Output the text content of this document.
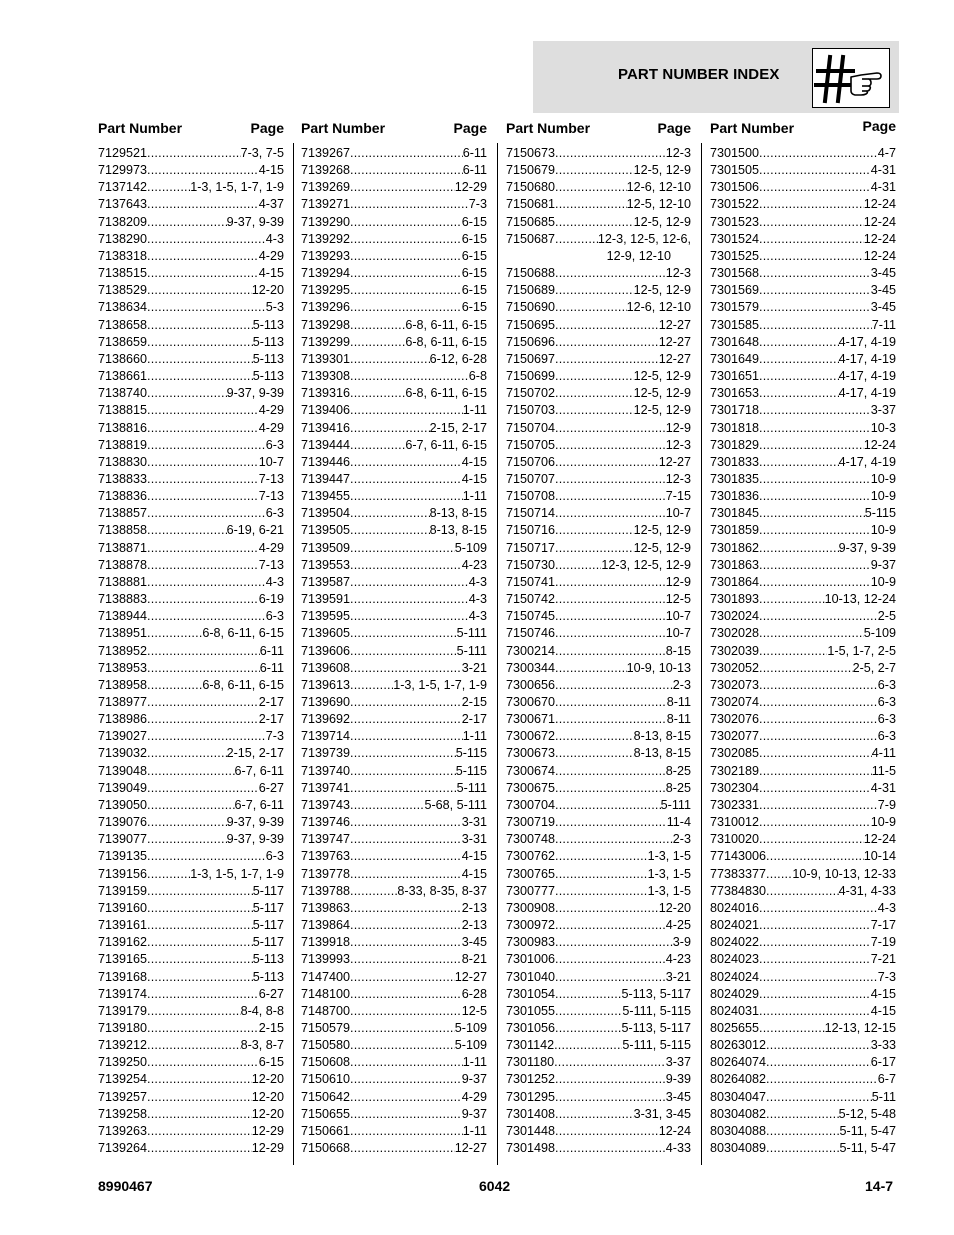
PART NUMBER INDEX
Part Number	Page
7129521 .....	7-3, 7-5
7129973 .....	4-15
7137142 .....	1-3, 1-5, 1-7, 1-9
7137643 .....	4-37
7138209 .....	9-37, 9-39
7138290 .....	4-3
7138318 .....	4-29
7138515 .....	4-15
7138529 .....	12-20
7138634 .....	5-3
7138658 .....	5-113
7138659 .....	5-113
7138660 .....	5-113
7138661 .....	5-113
7138740 .....	9-37, 9-39
7138815 .....	4-29
7138816 .....	4-29
7138819 .....	6-3
7138830 .....	10-7
7138833 .....	7-13
7138836 .....	7-13
7138857 .....	6-3
7138858 .....	6-19, 6-21
7138871 .....	4-29
7138878 .....	7-13
7138881 .....	4-3
7138883 .....	6-19
7138944 .....	6-3
7138951 .....	6-8, 6-11, 6-15
7138952 .....	6-11
7138953 .....	6-11
7138958 .....	6-8, 6-11, 6-15
7138977 .....	2-17
7138986 .....	2-17
7139027 .....	7-3
7139032 .....	2-15, 2-17
7139048 .....	6-7, 6-11
7139049 .....	6-27
7139050 .....	6-7, 6-11
7139076 .....	9-37, 9-39
7139077 .....	9-37, 9-39
7139135 .....	6-3
7139156 .....	1-3, 1-5, 1-7, 1-9
7139159 .....	5-117
7139160 .....	5-117
7139161 .....	5-117
7139162 .....	5-117
7139165 .....	5-113
7139168 .....	5-113
7139174 .....	6-27
7139179 .....	8-4, 8-8
7139180 .....	2-15
7139212 .....	8-3, 8-7
7139250 .....	6-15
7139254 .....	12-20
7139257 .....	12-20
7139258 .....	12-20
7139263 .....	12-29
7139264 .....	12-29
Part Number	Page
7139267 .....	6-11
7139268 .....	6-11
7139269 .....	12-29
7139271 .....	7-3
7139290 .....	6-15
7139292 .....	6-15
7139293 .....	6-15
7139294 .....	6-15
7139295 .....	6-15
7139296 .....	6-15
7139298 .....	6-8, 6-11, 6-15
7139299 .....	6-8, 6-11, 6-15
7139301 .....	6-12, 6-28
7139308 .....	6-8
7139316 .....	6-8, 6-11, 6-15
7139406 .....	1-11
7139416 .....	2-15, 2-17
7139444 .....	6-7, 6-11, 6-15
7139446 .....	4-15
7139447 .....	4-15
7139455 .....	1-11
7139504 .....	8-13, 8-15
7139505 .....	8-13, 8-15
7139509 .....	5-109
7139553 .....	4-23
7139587 .....	4-3
7139591 .....	4-3
7139595 .....	4-3
7139605 .....	5-111
7139606 .....	5-111
7139608 .....	3-21
7139613 .....	1-3, 1-5, 1-7, 1-9
7139690 .....	2-15
7139692 .....	2-17
7139714 .....	1-11
7139739 .....	5-115
7139740 .....	5-115
7139741 .....	5-111
7139743 .....	5-68, 5-111
7139746 .....	3-31
7139747 .....	3-31
7139763 .....	4-15
7139778 .....	4-15
7139788 .....	8-33, 8-35, 8-37
7139863 .....	2-13
7139864 .....	2-13
7139918 .....	3-45
7139993 .....	8-21
7147400 .....	12-27
7148100 .....	6-28
7148700 .....	12-5
7150579 .....	5-109
7150580 .....	5-109
7150608 .....	1-11
7150610 .....	9-37
7150642 .....	4-29
7150655 .....	9-37
7150661 .....	1-11
7150668 .....	12-27
Part Number	Page
7150673 .....	12-3
7150679 .....	12-5, 12-9
7150680 .....	12-6, 12-10
7150681 .....	12-5, 12-10
7150685 .....	12-5, 12-9
7150687 .....	12-3, 12-5, 12-6,
12-9, 12-10
7150688 .....	12-3
7150689 .....	12-5, 12-9
7150690 .....	12-6, 12-10
7150695 .....	12-27
7150696 .....	12-27
7150697 .....	12-27
7150699 .....	12-5, 12-9
7150702 .....	12-5, 12-9
7150703 .....	12-5, 12-9
7150704 .....	12-9
7150705 .....	12-3
7150706 .....	12-27
7150707 .....	12-3
7150708 .....	7-15
7150714 .....	10-7
7150716 .....	12-5, 12-9
7150717 .....	12-5, 12-9
7150730 .....	12-3, 12-5, 12-9
7150741 .....	12-9
7150742 .....	12-5
7150745 .....	10-7
7150746 .....	10-7
7300214 .....	8-15
7300344 .....	10-9, 10-13
7300656 .....	2-3
7300670 .....	8-11
7300671 .....	8-11
7300672 .....	8-13, 8-15
7300673 .....	8-13, 8-15
7300674 .....	8-25
7300675 .....	8-25
7300704 .....	5-111
7300719 .....	11-4
7300748 .....	2-3
7300762 .....	1-3, 1-5
7300765 .....	1-3, 1-5
7300777 .....	1-3, 1-5
7300908 .....	12-20
7300972 .....	4-25
7300983 .....	3-9
7301006 .....	4-23
7301040 .....	3-21
7301054 .....	5-113, 5-117
7301055 .....	5-111, 5-115
7301056 .....	5-113, 5-117
7301142 .....	5-111, 5-115
7301180 .....	3-37
7301252 .....	9-39
7301295 .....	3-45
7301408 .....	3-31, 3-45
7301448 .....	12-24
7301498 .....	4-33
Part Number	Page
7301500 .....	4-7
7301505 .....	4-31
7301506 .....	4-31
7301522 .....	12-24
7301523 .....	12-24
7301524 .....	12-24
7301525 .....	12-24
7301568 .....	3-45
7301569 .....	3-45
7301579 .....	3-45
7301585 .....	7-11
7301648 .....	4-17, 4-19
7301649 .....	4-17, 4-19
7301651 .....	4-17, 4-19
7301653 .....	4-17, 4-19
7301718 .....	3-37
7301818 .....	10-3
7301829 .....	12-24
7301833 .....	4-17, 4-19
7301835 .....	10-9
7301836 .....	10-9
7301845 .....	5-115
7301859 .....	10-9
7301862 .....	9-37, 9-39
7301863 .....	9-37
7301864 .....	10-9
7301893 .....	10-13, 12-24
7302024 .....	2-5
7302028 .....	5-109
7302039 .....	1-5, 1-7, 2-5
7302052 .....	2-5, 2-7
7302073 .....	6-3
7302074 .....	6-3
7302076 .....	6-3
7302077 .....	6-3
7302085 .....	4-11
7302189 .....	11-5
7302304 .....	4-31
7302331 .....	7-9
7310012 .....	10-9
7310020 .....	12-24
77143006 .....	10-14
77383377 ..... 10-9, 10-13, 12-33
77384830 .....	4-31, 4-33
8024016 .....	4-3
8024021 .....	7-17
8024022 .....	7-19
8024023 .....	7-21
8024024 .....	7-3
8024029 .....	4-15
8024031 .....	4-15
8025655 .....	12-13, 12-15
80263012 .....	3-33
80264074 .....	6-17
80264082 .....	6-7
80304047 .....	5-11
80304082 .....	5-12, 5-48
80304088 .....	5-11, 5-47
80304089 .....	5-11, 5-47
8990467	6042	14-7
